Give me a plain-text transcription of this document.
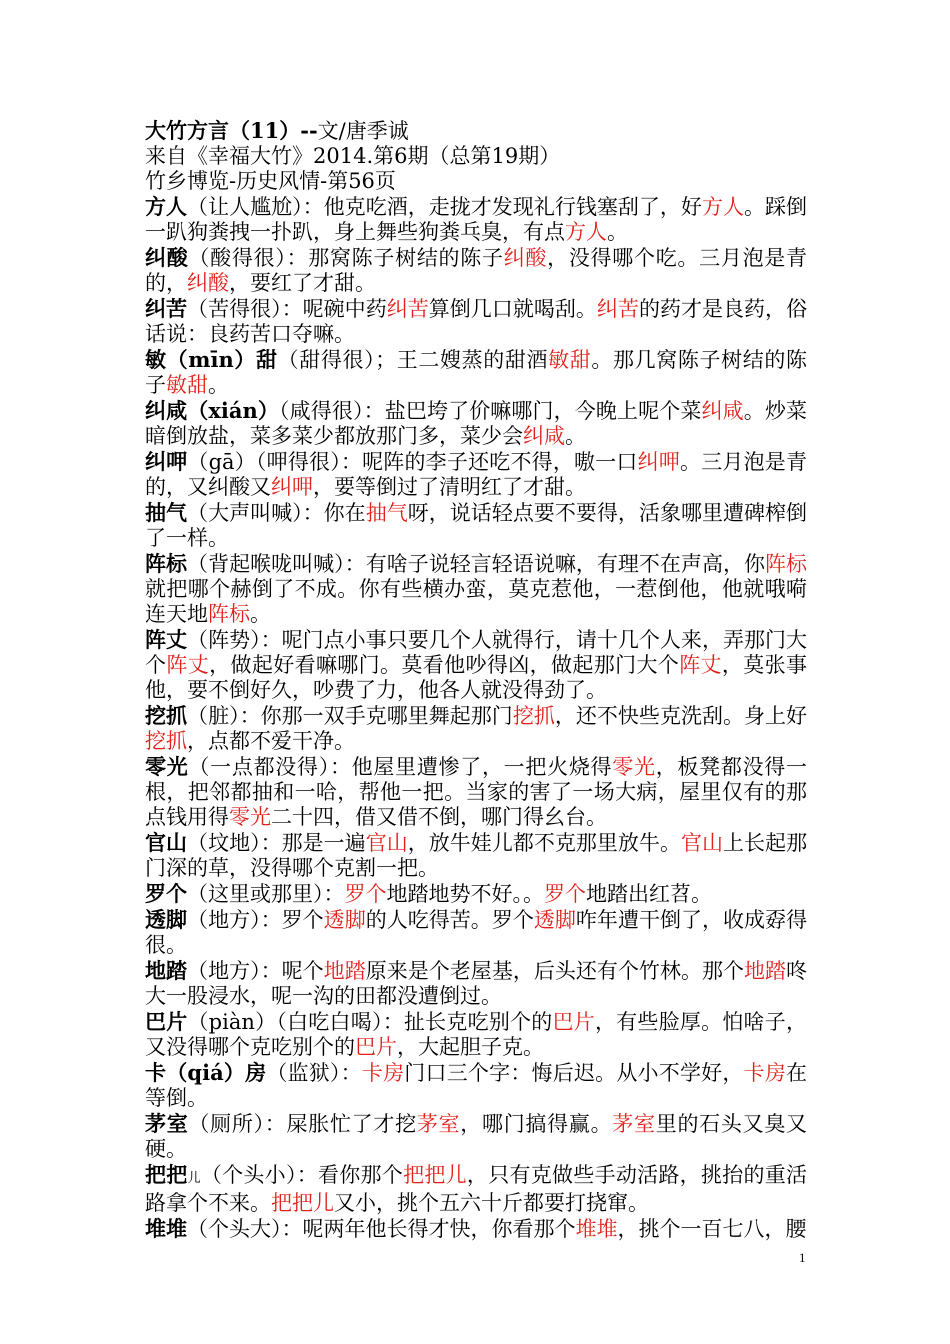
大竹方言（11）--文/唐季诚

来自《幸福大竹》2014.第6期（总第19期）

竹乡博览-历史风情-第56页

方人（让人尴尬）：他克吃酒，走拢才发现礼行钱塞刮了，好方人。踩倒一趴狗粪拽一扑趴，身上舞些狗粪乓臭，有点方人。

纠酸（酸得很）：那窝陈子树结的陈子纠酸，没得哪个吃。三月泡是青的，纠酸，要红了才甜。

纠苦（苦得很）：呢碗中药纠苦算倒几口就喝刮。纠苦的药才是良药，俗话说：良药苦口夺嘛。

敏（mīn）甜（甜得很）；王二嫂蒸的甜酒敏甜。那几窝陈子树结的陈子敏甜。

纠咸（xián）（咸得很）：盐巴垮了价嘛哪门，今晚上呢个菜纠咸。炒菜暗倒放盐，菜多菜少都放那门多，菜少会纠咸。

纠呷（gā）（呷得很）：呢阵的李子还吃不得，嗷一口纠呷。三月泡是青的，又纠酸又纠呷，要等倒过了清明红了才甜。

抽气（大声叫喊）：你在抽气呀，说话轻点要不要得，活象哪里遭碑榨倒了一样。

阵标（背起喉咙叫喊）：有啥子说轻言轻语说嘛，有理不在声高，你阵标就把哪个赫倒了不成。你有些横办蛮，莫克惹他，一惹倒他，他就哦嗬连天地阵标。

阵丈（阵势）：呢门点小事只要几个人就得行，请十几个人来，弄那门大个阵丈，做起好看嘛哪门。莫看他吵得凶，做起那门大个阵丈，莫张事他，要不倒好久，吵费了力，他各人就没得劲了。

挖抓（脏）：你那一双手克哪里舞起那门挖抓，还不快些克洗刮。身上好挖抓，点都不爱干净。

零光（一点都没得）：他屋里遭惨了，一把火烧得零光，板凳都没得一根，把邻都抽和一哈，帮他一把。当家的害了一场大病，屋里仅有的那点钱用得零光二十四，借又借不倒，哪门得幺台。

官山（坟地）：那是一遍官山，放牛娃儿都不克那里放牛。官山上长起那门深的草，没得哪个克割一把。

罗个（这里或那里）：罗个地踏地势不好。。罗个地踏出红苕。

透脚（地方）：罗个透脚的人吃得苦。罗个透脚咋年遭干倒了，收成孬得很。

地踏（地方）：呢个地踏原来是个老屋基，后头还有个竹林。那个地踏咚大一股浸水，呢一沟的田都没遭倒过。

巴片（piàn）（白吃白喝）：扯长克吃别个的巴片，有些脸厚。怕啥子，又没得哪个克吃别个的巴片，大起胆子克。

卡（qiá）房（监狱）：卡房门口三个字：悔后迟。从小不学好，卡房在等倒。

茅室（厕所）：屎胀忙了才挖茅室，哪门搞得赢。茅室里的石头又臭又硬。

把把儿（个头小）：看你那个把把儿，只有克做些手动活路，挑抬的重活路拿个不来。把把儿又小，挑个五六十斤都要打挠窜。

堆堆（个头大）：呢两年他长得才快，你看那个堆堆，挑个一百七八，腰

1
